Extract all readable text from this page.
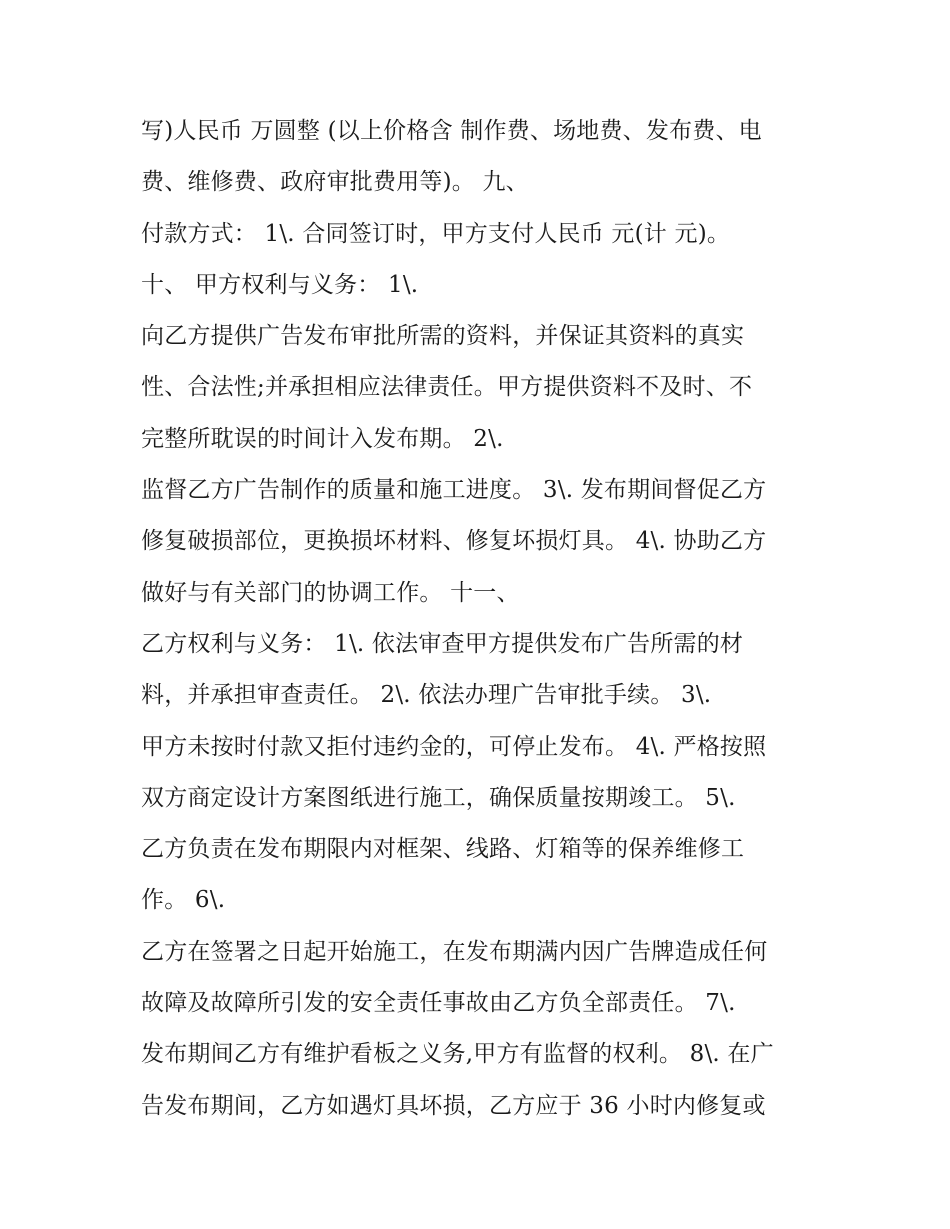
写)人民币 万圆整 (以上价格含 制作费、场地费、发布费、电
费、维修费、政府审批费用等)。 九、
付款方式： 1\. 合同签订时，甲方支付人民币 元(计 元)。
十、 甲方权利与义务： 1\.
向乙方提供广告发布审批所需的资料，并保证其资料的真实
性、合法性;并承担相应法律责任。甲方提供资料不及时、不
完整所耽误的时间计入发布期。 2\.
监督乙方广告制作的质量和施工进度。 3\. 发布期间督促乙方
修复破损部位，更换损坏材料、修复坏损灯具。 4\. 协助乙方
做好与有关部门的协调工作。 十一、
乙方权利与义务： 1\. 依法审查甲方提供发布广告所需的材
料，并承担审查责任。 2\. 依法办理广告审批手续。 3\.
甲方未按时付款又拒付违约金的，可停止发布。 4\. 严格按照
双方商定设计方案图纸进行施工，确保质量按期竣工。 5\.
乙方负责在发布期限内对框架、线路、灯箱等的保养维修工
作。 6\.
乙方在签署之日起开始施工，在发布期满内因广告牌造成任何
故障及故障所引发的安全责任事故由乙方负全部责任。 7\.
发布期间乙方有维护看板之义务,甲方有监督的权利。 8\. 在广
告发布期间，乙方如遇灯具坏损，乙方应于 36 小时内修复或
